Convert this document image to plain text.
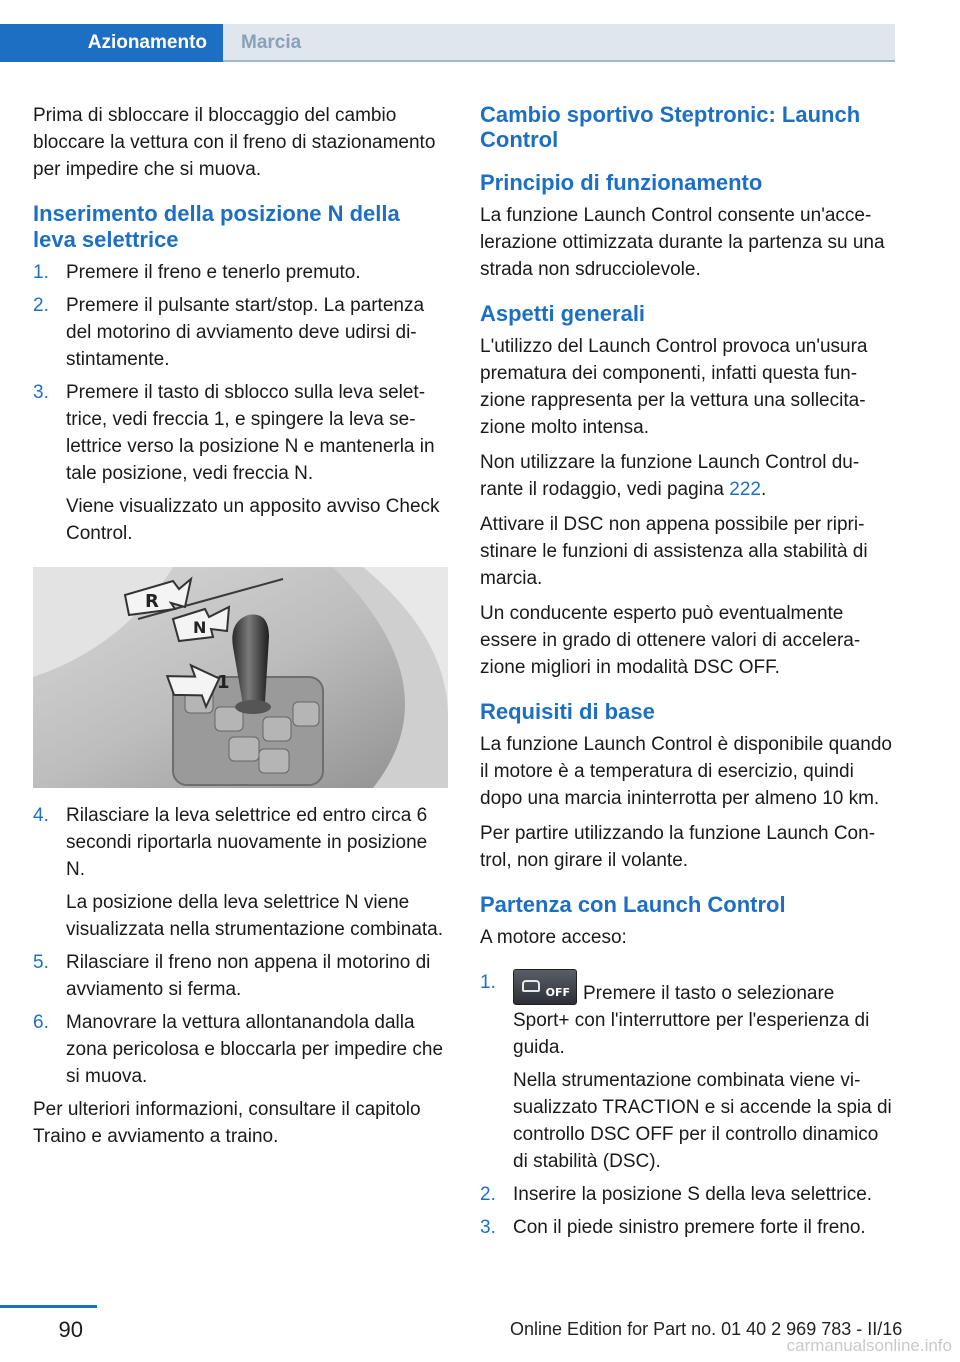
Azionamento	Marcia

Prima di sbloccare il bloccaggio del cambio bloccare la vettura con il freno di stazionamento per impedire che si muova.

Inserimento della posizione N della leva selettrice
1. Premere il freno e tenerlo premuto.
2. Premere il pulsante start/stop. La partenza del motorino di avviamento deve udirsi distintamente.
3. Premere il tasto di sblocco sulla leva selettrice, vedi freccia 1, e spingere la leva selettrice verso la posizione N e mantenerla in tale posizione, vedi freccia N.

Viene visualizzato un apposito avviso Check Control.

R
N
1
4. Rilasciare la leva selettrice ed entro circa 6 secondi riportarla nuovamente in posizione N.

La posizione della leva selettrice N viene visualizzata nella strumentazione combinata.

5. Rilasciare il freno non appena il motorino di avviamento si ferma.
6. Manovrare la vettura allontanandola dalla zona pericolosa e bloccarla per impedire che si muova.

Per ulteriori informazioni, consultare il capitolo Traino e avviamento a traino.

Cambio sportivo Steptronic: Launch Control
Principio di funzionamento

La funzione Launch Control consente un'accelerazione ottimizzata durante la partenza su una strada non sdrucciolevole.

Aspetti generali

L'utilizzo del Launch Control provoca un'usura prematura dei componenti, infatti questa funzione rappresenta per la vettura una sollecitazione molto intensa.

Non utilizzare la funzione Launch Control durante il rodaggio, vedi pagina 222.

Attivare il DSC non appena possibile per ripristinare le funzioni di assistenza alla stabilità di marcia.

Un conducente esperto può eventualmente essere in grado di ottenere valori di accelerazione migliori in modalità DSC OFF.

Requisiti di base

La funzione Launch Control è disponibile quando il motore è a temperatura di esercizio, quindi dopo una marcia ininterrotta per almeno 10 km.

Per partire utilizzando la funzione Launch Control, non girare il volante.

Partenza con Launch Control

A motore acceso:

1.	OFF Premere il tasto o selezionare Sport+ con l'interruttore per l'esperienza di guida.

Nella strumentazione combinata viene visualizzato TRACTION e si accende la spia di controllo DSC OFF per il controllo dinamico di stabilità (DSC).

2. Inserire la posizione S della leva selettrice.
3. Con il piede sinistro premere forte il freno.
90	Online Edition for Part no. 01 40 2 969 783 - II/16
carmanualsonline.info
